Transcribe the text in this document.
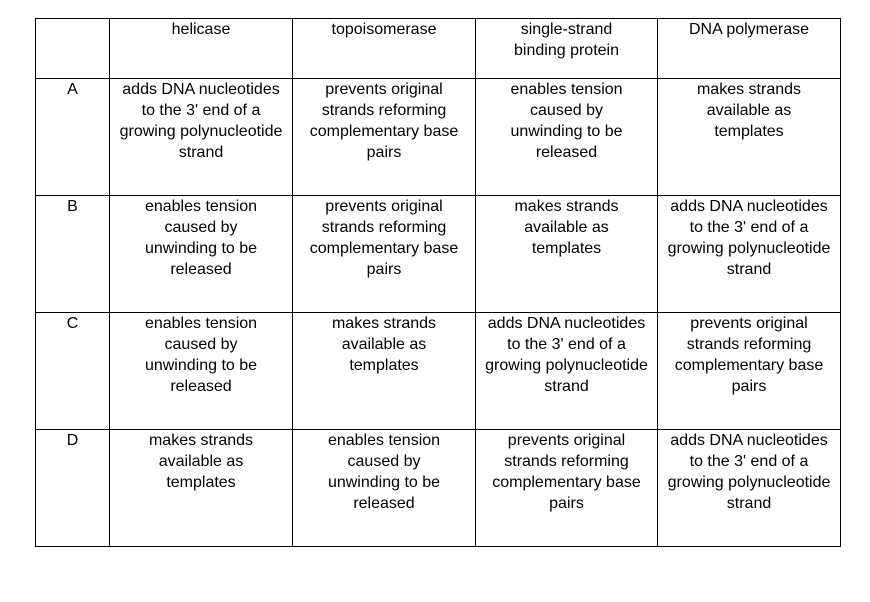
	helicase	topoisomerase	single-strand binding protein	DNA polymerase
A	adds DNA nucleotides to the 3' end of a growing polynucleotide strand	prevents original strands reforming complementary base pairs	enables tension caused by unwinding to be released	makes strands available as templates

B	enables tension caused by unwinding to be released	prevents original strands reforming complementary base pairs	makes strands available as templates	adds DNA nucleotides to the 3' end of a growing polynucleotide strand

C	enables tension caused by unwinding to be released	makes strands available as templates	adds DNA nucleotides to the 3' end of a growing polynucleotide strand	prevents original strands reforming complementary base pairs

D	makes strands available as templates	enables tension caused by unwinding to be released	prevents original strands reforming complementary base pairs	adds DNA nucleotides to the 3' end of a growing polynucleotide strand
